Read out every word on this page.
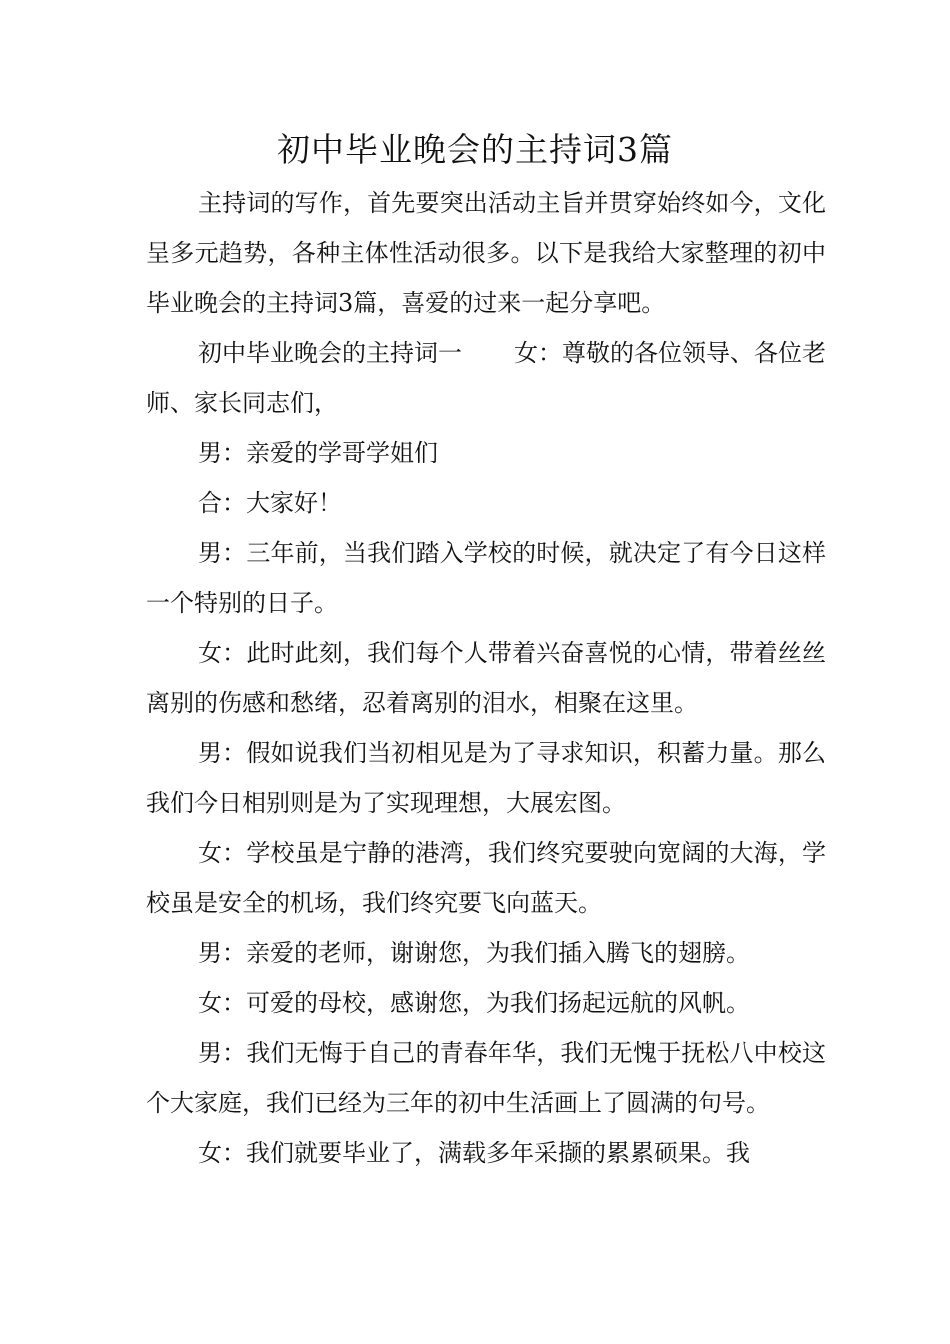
初中毕业晚会的主持词3篇

主持词的写作，首先要突出活动主旨并贯穿始终如今，文化呈多元趋势，各种主体性活动很多。以下是我给大家整理的初中毕业晚会的主持词3篇，喜爱的过来一起分享吧。

初中毕业晚会的主持词一 女：尊敬的各位领导、各位老师、家长同志们，

男：亲爱的学哥学姐们

合：大家好！

男：三年前，当我们踏入学校的时候，就决定了有今日这样一个特别的日子。

女：此时此刻，我们每个人带着兴奋喜悦的心情，带着丝丝离别的伤感和愁绪，忍着离别的泪水，相聚在这里。

男：假如说我们当初相见是为了寻求知识，积蓄力量。那么我们今日相别则是为了实现理想，大展宏图。

女：学校虽是宁静的港湾，我们终究要驶向宽阔的大海，学校虽是安全的机场，我们终究要飞向蓝天。

男：亲爱的老师，谢谢您，为我们插入腾飞的翅膀。

女：可爱的母校，感谢您，为我们扬起远航的风帆。

男：我们无悔于自己的青春年华，我们无愧于抚松八中校这个大家庭，我们已经为三年的初中生活画上了圆满的句号。

女：我们就要毕业了，满载多年采撷的累累硕果。我
